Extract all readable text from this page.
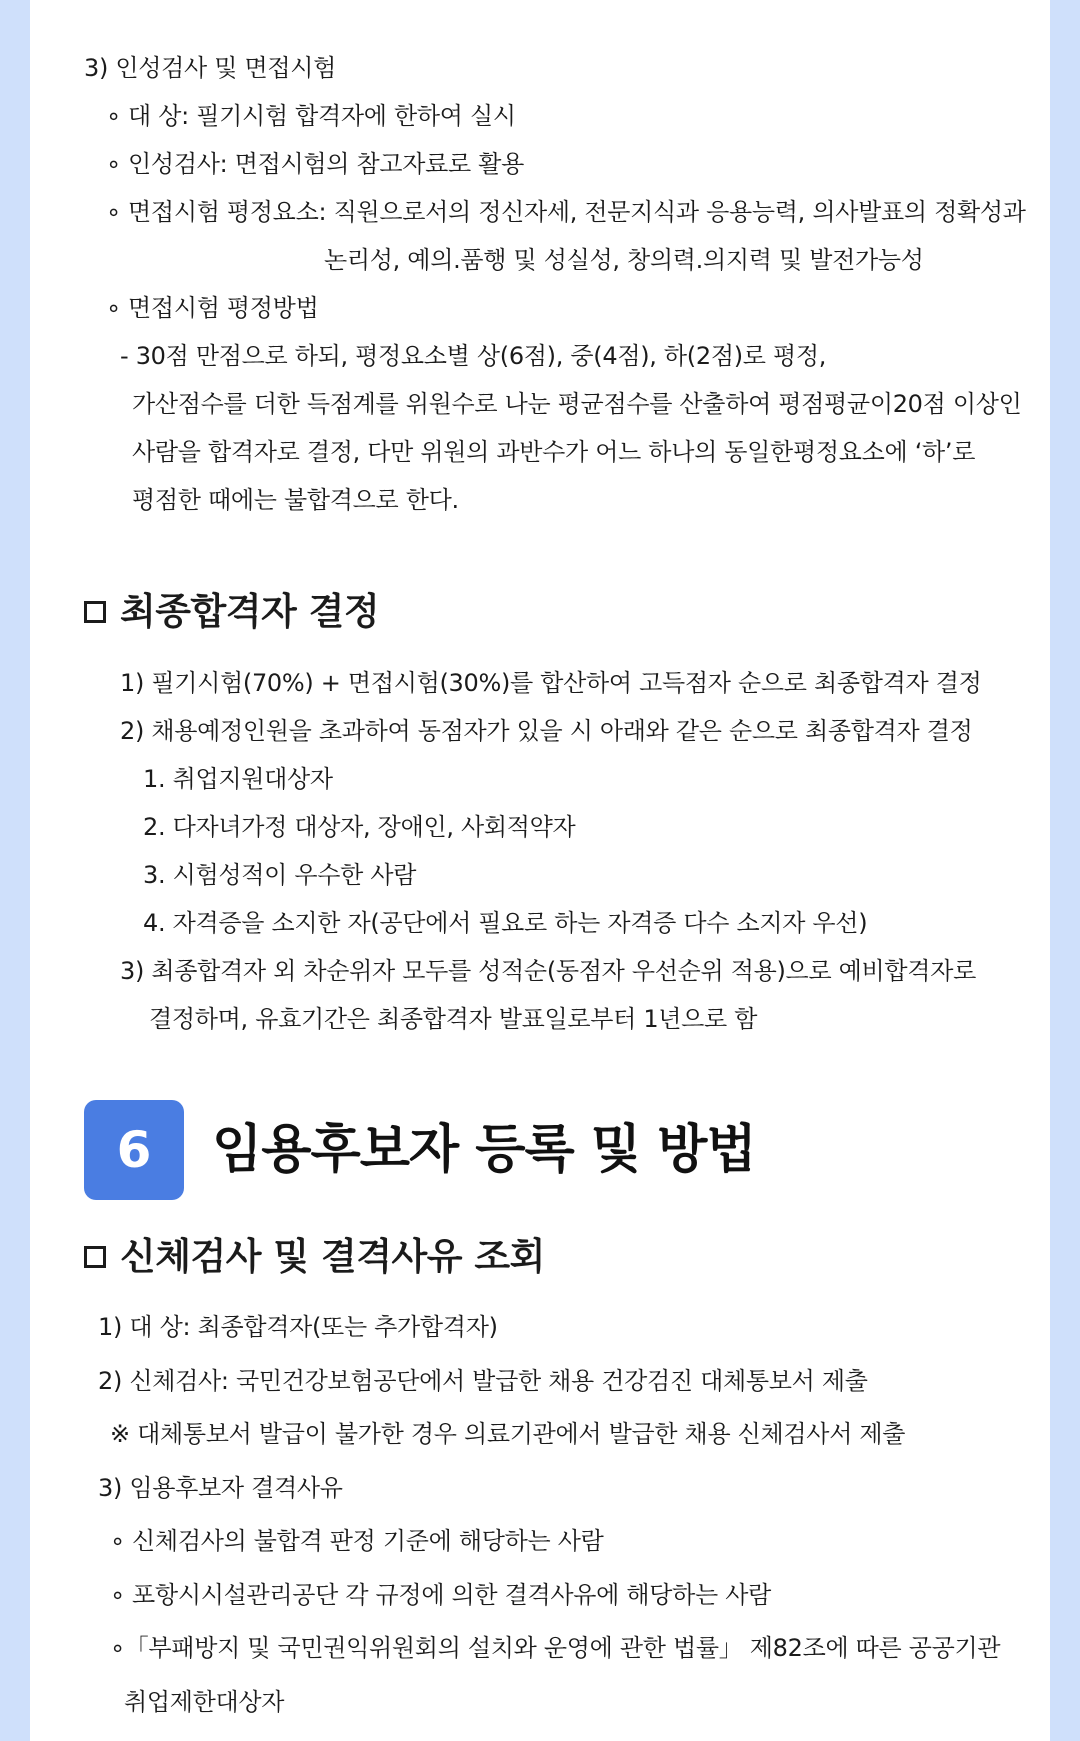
3) 인성검사 및 면접시험
∘ 대 상: 필기시험 합격자에 한하여 실시
∘ 인성검사: 면접시험의 참고자료로 활용
∘ 면접시험 평정요소: 직원으로서의 정신자세, 전문지식과 응용능력, 의사발표의 정확성과
논리성, 예의.품행 및 성실성, 창의력.의지력 및 발전가능성
∘ 면접시험 평정방법
- 30점 만점으로 하되, 평정요소별 상(6점), 중(4점), 하(2점)로 평정,
가산점수를 더한 득점계를 위원수로 나눈 평균점수를 산출하여 평점평균이20점 이상인
사람을 합격자로 결정, 다만 위원의 과반수가 어느 하나의 동일한평정요소에 ‘하’로
평점한 때에는 불합격으로 한다.
최종합격자 결정
1) 필기시험(70%) + 면접시험(30%)를 합산하여 고득점자 순으로 최종합격자 결정
2) 채용예정인원을 초과하여 동점자가 있을 시 아래와 같은 순으로 최종합격자 결정
1. 취업지원대상자
2. 다자녀가정 대상자, 장애인, 사회적약자
3. 시험성적이 우수한 사람
4. 자격증을 소지한 자(공단에서 필요로 하는 자격증 다수 소지자 우선)
3) 최종합격자 외 차순위자 모두를 성적순(동점자 우선순위 적용)으로 예비합격자로
결정하며, 유효기간은 최종합격자 발표일로부터 1년으로 함
6	임용후보자 등록 및 방법
신체검사 및 결격사유 조회
1) 대 상: 최종합격자(또는 추가합격자)
2) 신체검사: 국민건강보험공단에서 발급한 채용 건강검진 대체통보서 제출
※ 대체통보서 발급이 불가한 경우 의료기관에서 발급한 채용 신체검사서 제출
3) 임용후보자 결격사유
∘ 신체검사의 불합격 판정 기준에 해당하는 사람
∘ 포항시시설관리공단 각 규정에 의한 결격사유에 해당하는 사람
∘「부패방지 및 국민권익위원회의 설치와 운영에 관한 법률」 제82조에 따른 공공기관
취업제한대상자
